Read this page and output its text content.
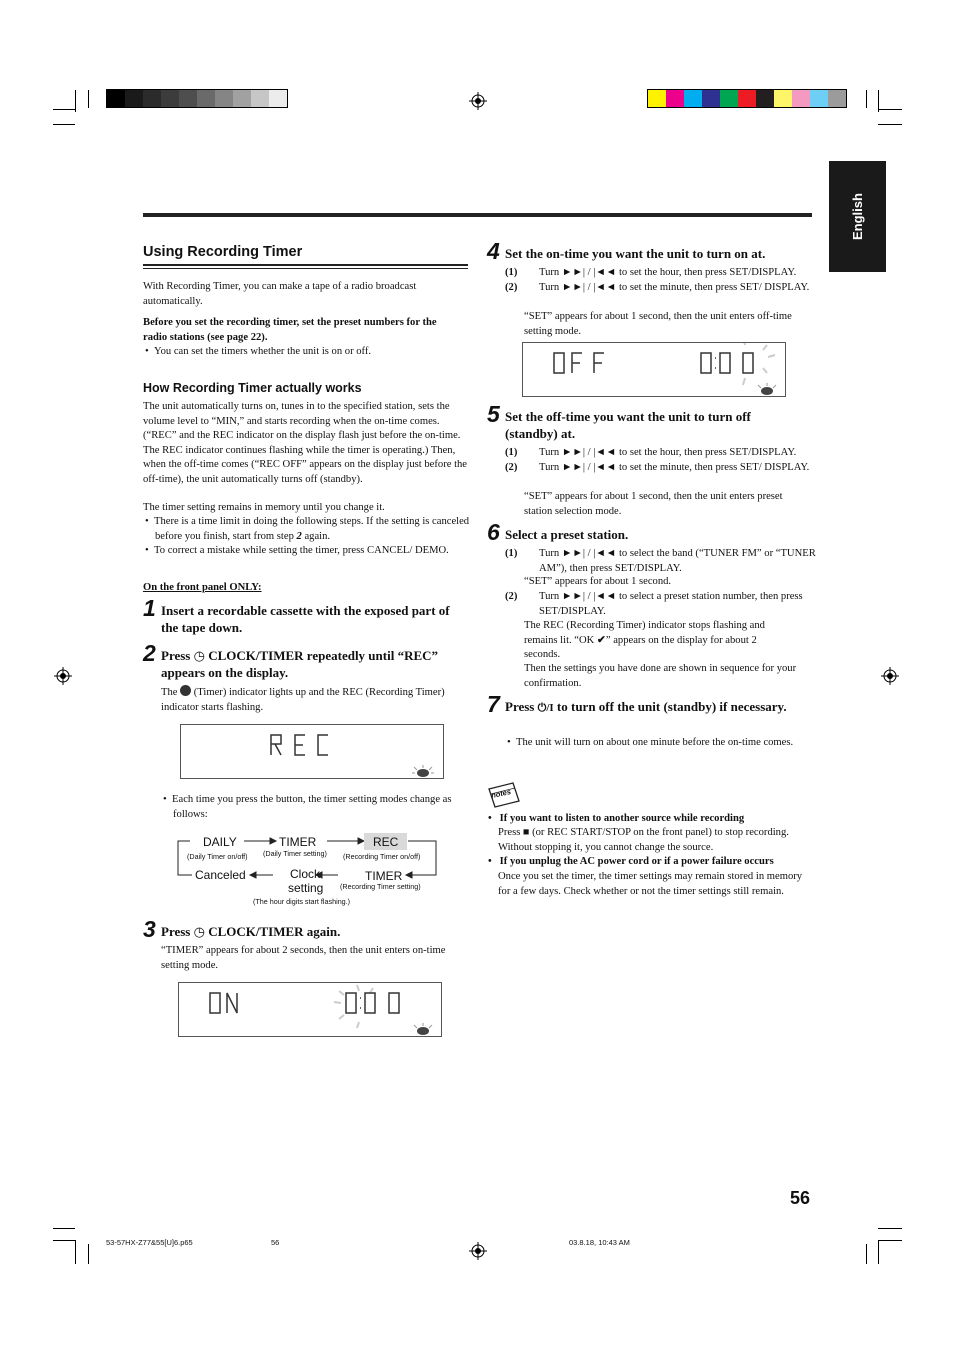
English
Using Recording Timer
With Recording Timer, you can make a tape of a radio broadcast automatically.
Before you set the recording timer, set the preset numbers for the radio stations (see page 22).
•  You can set the timers whether the unit is on or off.
How Recording Timer actually works
The unit automatically turns on, tunes in to the specified station, sets the volume level to “MIN,” and starts recording when the on-time comes. (“REC” and the REC indicator on the display flash just before the on-time. The REC indicator continues flashing while the timer is operating.) Then, when the off-time comes (“REC OFF” appears on the display just before the off-time), the unit automatically turns off (standby).
The timer setting remains in memory until you change it.
•  There is a time limit in doing the following steps. If the setting is canceled before you finish, start from step 2 again.
•  To correct a mistake while setting the timer, press CANCEL/ DEMO.
On the front panel ONLY:
1 Insert a recordable cassette with the exposed part of the tape down.
2 Press ◷ CLOCK/TIMER repeatedly until “REC” appears on the display.
The  (Timer) indicator lights up and the REC (Recording Timer) indicator starts flashing.
•  Each time you press the button, the timer setting modes change as follows:
DAILY
(Daily Timer on/off)
TIMER
(Daily Timer setting)
REC
(Recording Timer on/off)
Canceled	Clock
setting
(The hour digits start flashing.)
TIMER
(Recording Timer setting)
3 Press ◷ CLOCK/TIMER again.
“TIMER” appears for about 2 seconds, then the unit enters on-time setting mode.
4 Set the on-time you want the unit to turn on at.
(1) Turn ►►| / |◄◄ to set the hour, then press SET/DISPLAY.
(2) Turn ►►| / |◄◄ to set the minute, then press SET/ DISPLAY.
“SET” appears for about 1 second, then the unit enters off-time setting mode.
5 Set the off-time you want the unit to turn off (standby) at.
(1) Turn ►►| / |◄◄ to set the hour, then press SET/DISPLAY.
(2) Turn ►►| / |◄◄ to set the minute, then press SET/ DISPLAY.
“SET” appears for about 1 second, then the unit enters preset station selection mode.
6 Select a preset station.
(1) Turn ►►| / |◄◄ to select the band (“TUNER FM” or “TUNER AM”), then press SET/DISPLAY.
“SET” appears for about 1 second.
(2) Turn ►►| / |◄◄ to select a preset station number, then press SET/DISPLAY.
The REC (Recording Timer) indicator stops flashing and remains lit. “OK ✔” appears on the display for about 2 seconds.
Then the settings you have done are shown in sequence for your confirmation.
7 Press ⏻/I to turn off the unit (standby) if necessary.
•  The unit will turn on about one minute before the on-time comes.
notes
•   If you want to listen to another source while recording
Press ■ (or REC START/STOP on the front panel) to stop recording. Without stopping it, you cannot change the source.
•   If you unplug the AC power cord or if a power failure occurs
Once you set the timer, the timer settings may remain stored in memory for a few days. Check whether or not the timer settings still remain.
56
53-57HX-Z77&55[U]6.p65	56	03.8.18, 10:43 AM
